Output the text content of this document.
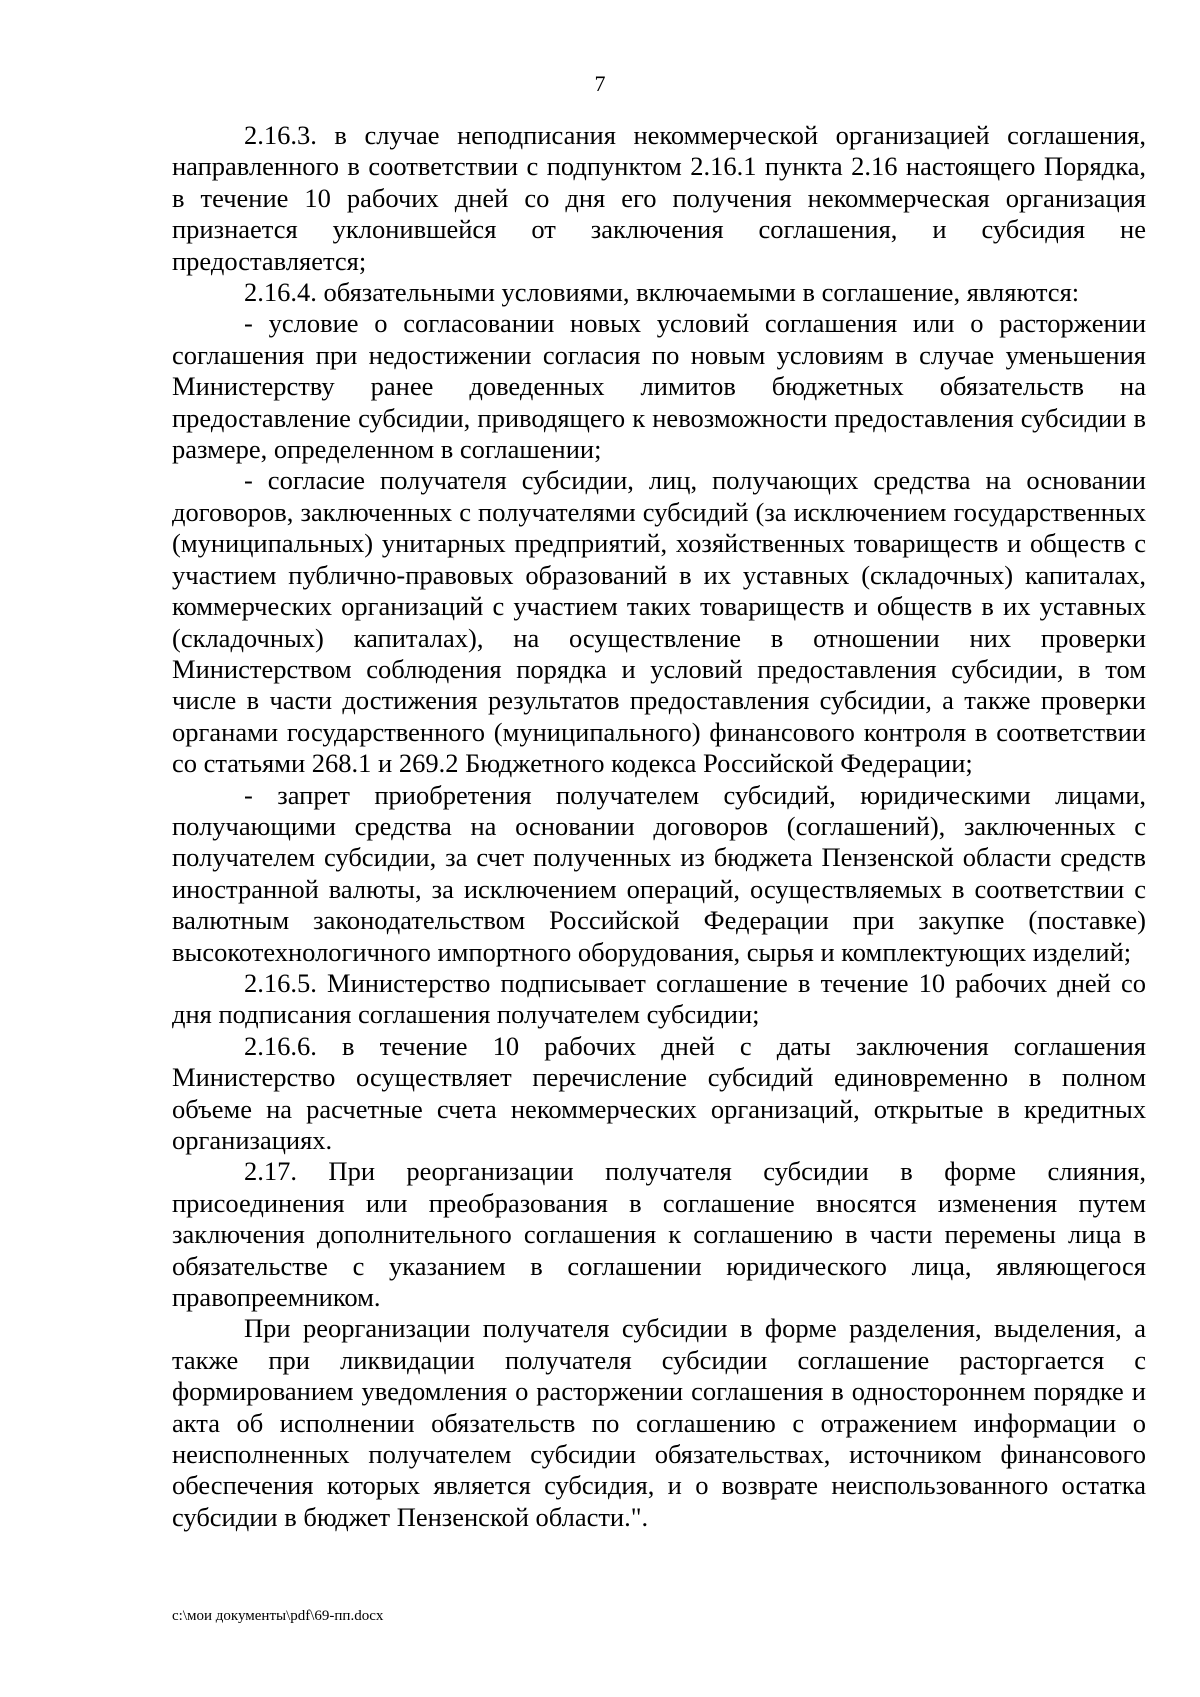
7

2.16.3. в случае неподписания некоммерческой организацией соглашения, направленного в соответствии с подпунктом 2.16.1 пункта 2.16 настоящего Порядка, в течение 10 рабочих дней со дня его получения некоммерческая организация признается уклонившейся от заключения соглашения, и субсидия не предоставляется;

2.16.4. обязательными условиями, включаемыми в соглашение, являются:

- условие о согласовании новых условий соглашения или о расторжении соглашения при недостижении согласия по новым условиям в случае уменьшения Министерству ранее доведенных лимитов бюджетных обязательств на предоставление субсидии, приводящего к невозможности предоставления субсидии в размере, определенном в соглашении;

- согласие получателя субсидии, лиц, получающих средства на основании договоров, заключенных с получателями субсидий (за исключением государственных (муниципальных) унитарных предприятий, хозяйственных товариществ и обществ с участием публично-правовых образований в их уставных (складочных) капиталах, коммерческих организаций с участием таких товариществ и обществ в их уставных (складочных) капиталах), на осуществление в отношении них проверки Министерством соблюдения порядка и условий предоставления субсидии, в том числе в части достижения результатов предоставления субсидии, а также проверки органами государственного (муниципального) финансового контроля в соответствии со статьями 268.1 и 269.2 Бюджетного кодекса Российской Федерации;

- запрет приобретения получателем субсидий, юридическими лицами, получающими средства на основании договоров (соглашений), заключенных с получателем субсидии, за счет полученных из бюджета Пензенской области средств иностранной валюты, за исключением операций, осуществляемых в соответствии с валютным законодательством Российской Федерации при закупке (поставке) высокотехнологичного импортного оборудования, сырья и комплектующих изделий;

2.16.5. Министерство подписывает соглашение в течение 10 рабочих дней со дня подписания соглашения получателем субсидии;

2.16.6. в течение 10 рабочих дней с даты заключения соглашения Министерство осуществляет перечисление субсидий единовременно в полном объеме на расчетные счета некоммерческих организаций, открытые в кредитных организациях.

2.17. При реорганизации получателя субсидии в форме слияния, присоединения или преобразования в соглашение вносятся изменения путем заключения дополнительного соглашения к соглашению в части перемены лица в обязательстве с указанием в соглашении юридического лица, являющегося правопреемником.

При реорганизации получателя субсидии в форме разделения, выделения, а также при ликвидации получателя субсидии соглашение расторгается с формированием уведомления о расторжении соглашения в одностороннем порядке и акта об исполнении обязательств по соглашению с отражением информации о неисполненных получателем субсидии обязательствах, источником финансового обеспечения которых является субсидия, и о возврате неиспользованного остатка субсидии в бюджет Пензенской области.".

c:\мои документы\pdf\69-пп.docx
